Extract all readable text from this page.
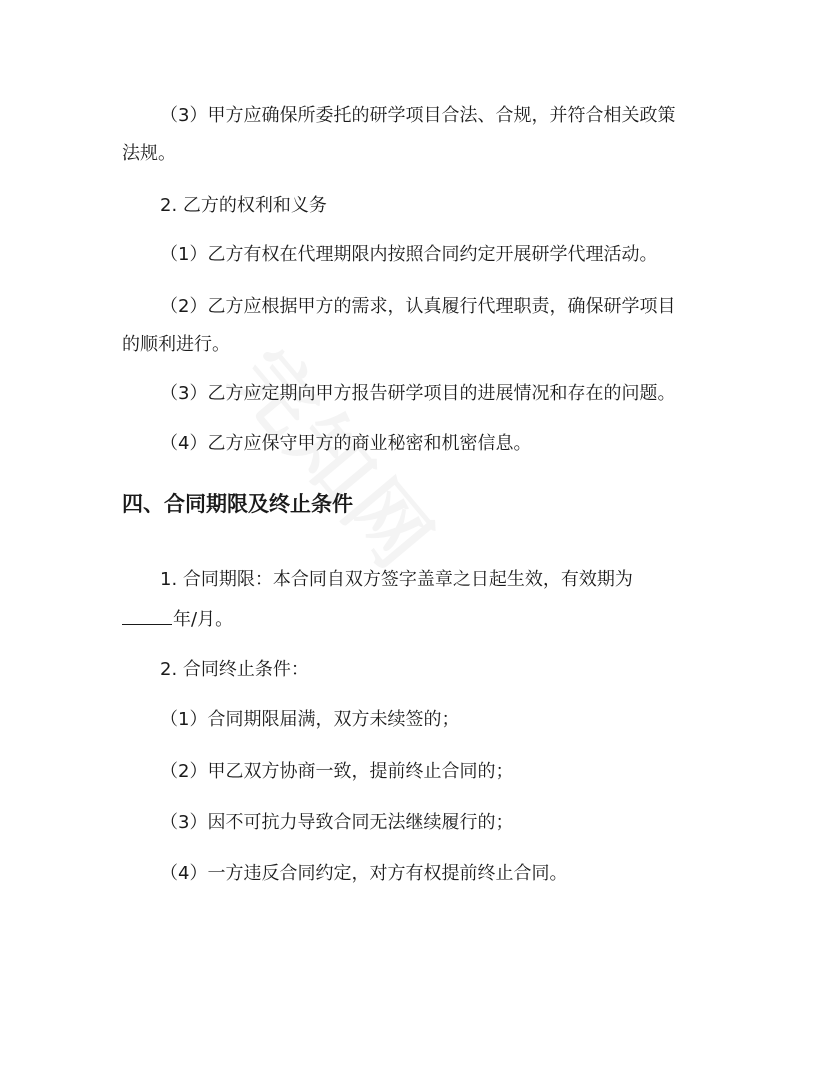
（3）甲方应确保所委托的研学项目合法、合规，并符合相关政策

法规。

2. 乙方的权利和义务

（1）乙方有权在代理期限内按照合同约定开展研学代理活动。

（2）乙方应根据甲方的需求，认真履行代理职责，确保研学项目

的顺利进行。

（3）乙方应定期向甲方报告研学项目的进展情况和存在的问题。

（4）乙方应保守甲方的商业秘密和机密信息。

四、合同期限及终止条件

1. 合同期限：本合同自双方签字盖章之日起生效，有效期为

年/月。

2. 合同终止条件：

（1）合同期限届满，双方未续签的；

（2）甲乙双方协商一致，提前终止合同的；

（3）因不可抗力导致合同无法继续履行的；

（4）一方违反合同约定，对方有权提前终止合同。
